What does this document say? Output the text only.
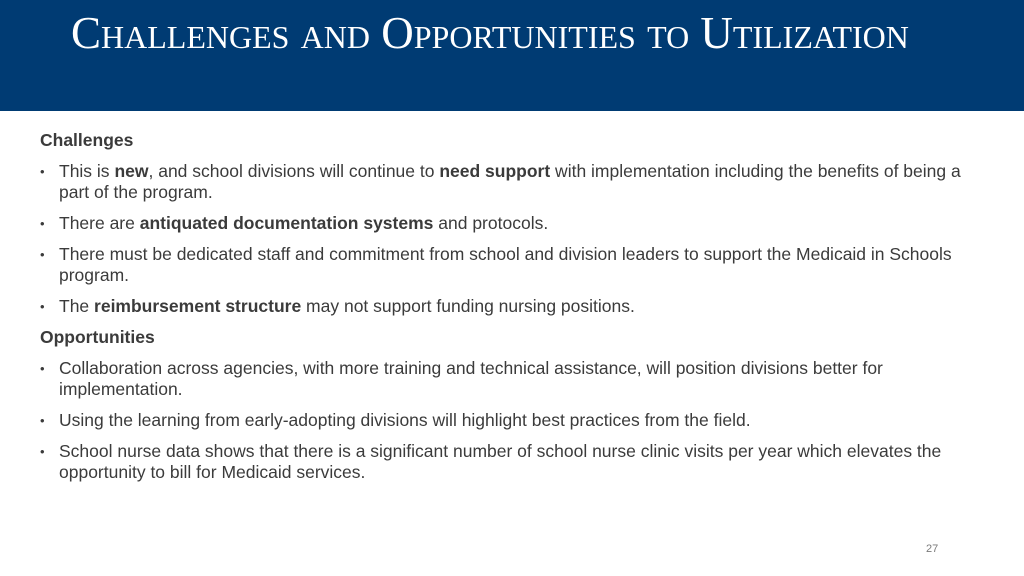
Challenges and Opportunities to Utilization
Challenges
• This is new, and school divisions will continue to need support with implementation including the benefits of being a part of the program.
• There are antiquated documentation systems and protocols.
• There must be dedicated staff and commitment from school and division leaders to support the Medicaid in Schools program.
• The reimbursement structure may not support funding nursing positions.
Opportunities
• Collaboration across agencies, with more training and technical assistance, will position divisions better for implementation.
• Using the learning from early-adopting divisions will highlight best practices from the field.
• School nurse data shows that there is a significant number of school nurse clinic visits per year which elevates the opportunity to bill for Medicaid services.
27
